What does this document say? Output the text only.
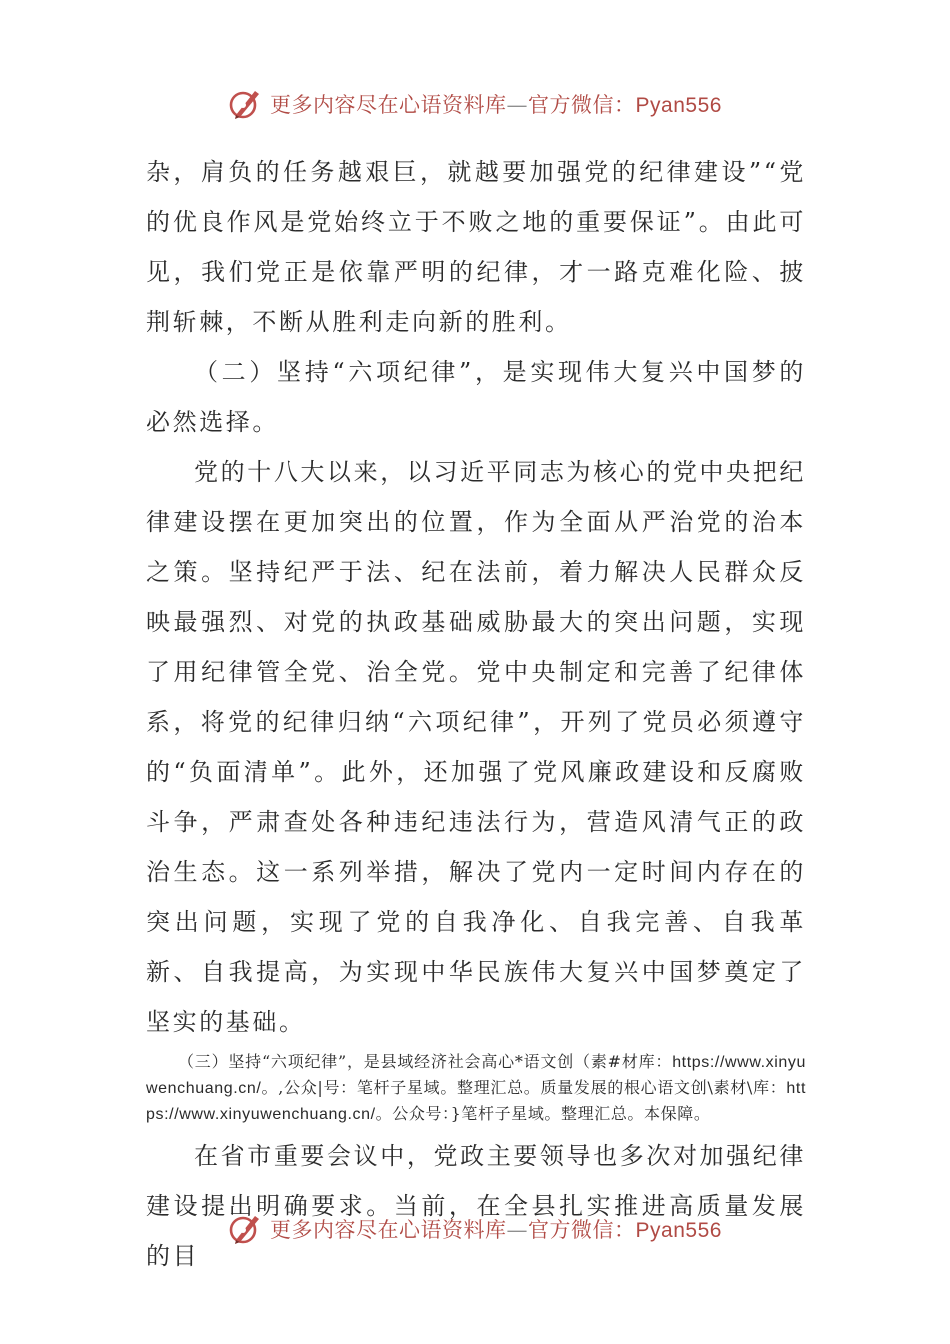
更多内容尽在心语资料库—官方微信：Pyan556

杂，肩负的任务越艰巨，就越要加强党的纪律建设”“党的优良作风是党始终立于不败之地的重要保证”。由此可见，我们党正是依靠严明的纪律，才一路克难化险、披荆斩棘，不断从胜利走向新的胜利。

（二）坚持“六项纪律”，是实现伟大复兴中国梦的必然选择。

党的十八大以来，以习近平同志为核心的党中央把纪律建设摆在更加突出的位置，作为全面从严治党的治本之策。坚持纪严于法、纪在法前，着力解决人民群众反映最强烈、对党的执政基础威胁最大的突出问题，实现了用纪律管全党、治全党。党中央制定和完善了纪律体系，将党的纪律归纳“六项纪律”，开列了党员必须遵守的“负面清单”。此外，还加强了党风廉政建设和反腐败斗争，严肃查处各种违纪违法行为，营造风清气正的政治生态。这一系列举措，解决了党内一定时间内存在的突出问题，实现了党的自我净化、自我完善、自我革新、自我提高，为实现中华民族伟大复兴中国梦奠定了坚实的基础。

（三）坚持“六项纪律”，是县域经济社会高心*语文创（素#材库：https://www.xinyuwenchuang.cn/。,公众|号：笔杆子星域。整理汇总。质量发展的根心语文创\素材\库：https://www.xinyuwenchuang.cn/。公众号：}笔杆子星域。整理汇总。本保障。

在省市重要会议中，党政主要领导也多次对加强纪律建设提出明确要求。当前，在全县扎实推进高质量发展的目

更多内容尽在心语资料库—官方微信：Pyan556
